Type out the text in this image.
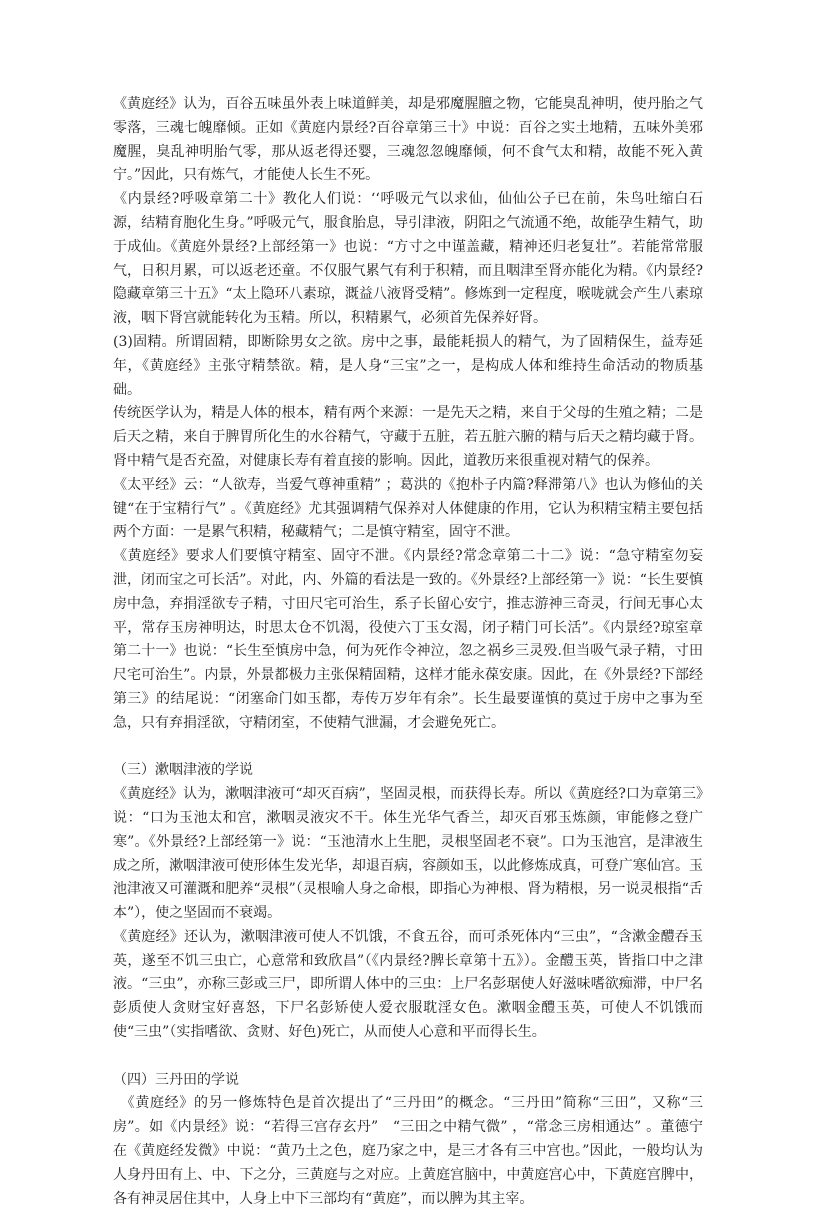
《黄庭经》认为，百谷五味虽外表上味道鲜美，却是邪魔腥膻之物，它能臭乱神明，使丹胎之气零落，三魂七魄靡倾。正如《黄庭内景经?百谷章第三十》中说：百谷之实土地精，五味外美邪魔腥，臭乱神明胎气零，那从返老得还婴，三魂忽忽魄靡倾，何不食气太和精，故能不死入黄宁。”因此，只有炼气，才能使人长生不死。

《内景经?呼吸章第二十》教化人们说：‘‘呼吸元气以求仙，仙仙公子已在前，朱鸟吐缩白石源，结精育胞化生身。”呼吸元气，服食胎息，导引津液，阴阳之气流通不绝，故能孕生精气，助于成仙。《黄庭外景经?上部经第一》也说：“方寸之中谨盖藏，精神还归老复壮”。若能常常服气，日积月累，可以返老还童。不仅服气累气有利于积精，而且咽津至肾亦能化为精。《内景经?隐藏章第三十五》“太上隐环八素琼，溉益八液肾受精”。修炼到一定程度，喉咙就会产生八素琼液，咽下肾宫就能转化为玉精。所以，积精累气，必须首先保养好肾。

(3)固精。所谓固精，即断除男女之欲。房中之事，最能耗损人的精气，为了固精保生，益寿延年，《黄庭经》主张守精禁欲。精，是人身“三宝”之一，是构成人体和维持生命活动的物质基础。

传统医学认为，精是人体的根本，精有两个来源：一是先天之精，来自于父母的生殖之精；二是后天之精，来自于脾胃所化生的水谷精气，守藏于五脏，若五脏六腑的精与后天之精均藏于肾。肾中精气是否充盈，对健康长寿有着直接的影响。因此，道教历来很重视对精气的保养。

《太平经》云：“人欲寿，当爱气尊神重精” ；葛洪的《抱朴子内篇?释滞第八》也认为修仙的关键“在于宝精行气” 。《黄庭经》尤其强调精气保养对人体健康的作用，它认为积精宝精主要包括两个方面：一是累气积精，秘藏精气；二是慎守精室，固守不泄。

《黄庭经》要求人们要慎守精室、固守不泄。《内景经?常念章第二十二》说：“急守精室勿妄泄，闭而宝之可长活”。对此，内、外篇的看法是一致的。《外景经?上部经第一》说：“长生要慎房中急，弃捐淫欲专子精，寸田尺宅可治生，系子长留心安宁，推志游神三奇灵，行间无事心太平，常存玉房神明达，时思太仓不饥渴，役使六丁玉女渴，闭子精门可长活”。《内景经?琼室章第二十一》也说：“长生至慎房中急，何为死作令神泣，忽之祸乡三灵殁.但当吸气录子精，寸田尺宅可治生”。内景，外景都极力主张保精固精，这样才能永葆安康。因此，在《外景经?下部经第三》的结尾说：“闭塞命门如玉都，寿传万岁年有余”。长生最要谨慎的莫过于房中之事为至急，只有弃捐淫欲，守精闭室，不使精气泄漏，才会避免死亡。

（三）漱咽津液的学说

《黄庭经》认为，漱咽津液可“却灭百病”，坚固灵根，而获得长寿。所以《黄庭经?口为章第三》说：“口为玉池太和宫，漱咽灵液灾不干。体生光华气香兰，却灭百邪玉炼颜，审能修之登广寒”。《外景经?上部经第一》说：“玉池清水上生肥，灵根坚固老不衰”。口为玉池宫，是津液生成之所，漱咽津液可使形体生发光华，却退百病，容颜如玉，以此修炼成真，可登广寒仙宫。玉池津液又可灌溉和肥养“灵根”（灵根喻人身之命根，即指心为神根、肾为精根，另一说灵根指“舌本”），使之坚固而不衰竭。

《黄庭经》还认为，漱咽津液可使人不饥饿，不食五谷，而可杀死体内“三虫”，“含漱金醴吞玉英，遂至不饥三虫亡，心意常和致欣昌”（《内景经?脾长章第十五》）。金醴玉英，皆指口中之津液。“三虫”，亦称三彭或三尸，即所谓人体中的三虫：上尸名彭琚使人好滋味嗜欲痴滞，中尸名彭质使人贪财宝好喜怒，下尸名彭矫使人爱衣服耽淫女色。漱咽金醴玉英，可使人不饥饿而使“三虫”（实指嗜欲、贪财、好色)死亡，从而使人心意和平而得长生。

（四）三丹田的学说

　《黄庭经》的另一修炼特色是首次提出了“三丹田”的概念。“三丹田”简称“三田”，又称“三房”。如《内景经》说：“若得三宫存玄丹”　“三田之中精气微” ，“常念三房相通达” 。董德宁在《黄庭经发微》中说：“黄乃土之色，庭乃家之中，是三才各有三中宫也。”因此，一般均认为人身丹田有上、中、下之分，三黄庭与之对应。上黄庭宫脑中，中黄庭宫心中，下黄庭宫脾中，各有神灵居住其中，人身上中下三部均有“黄庭”，而以脾为其主宰。
